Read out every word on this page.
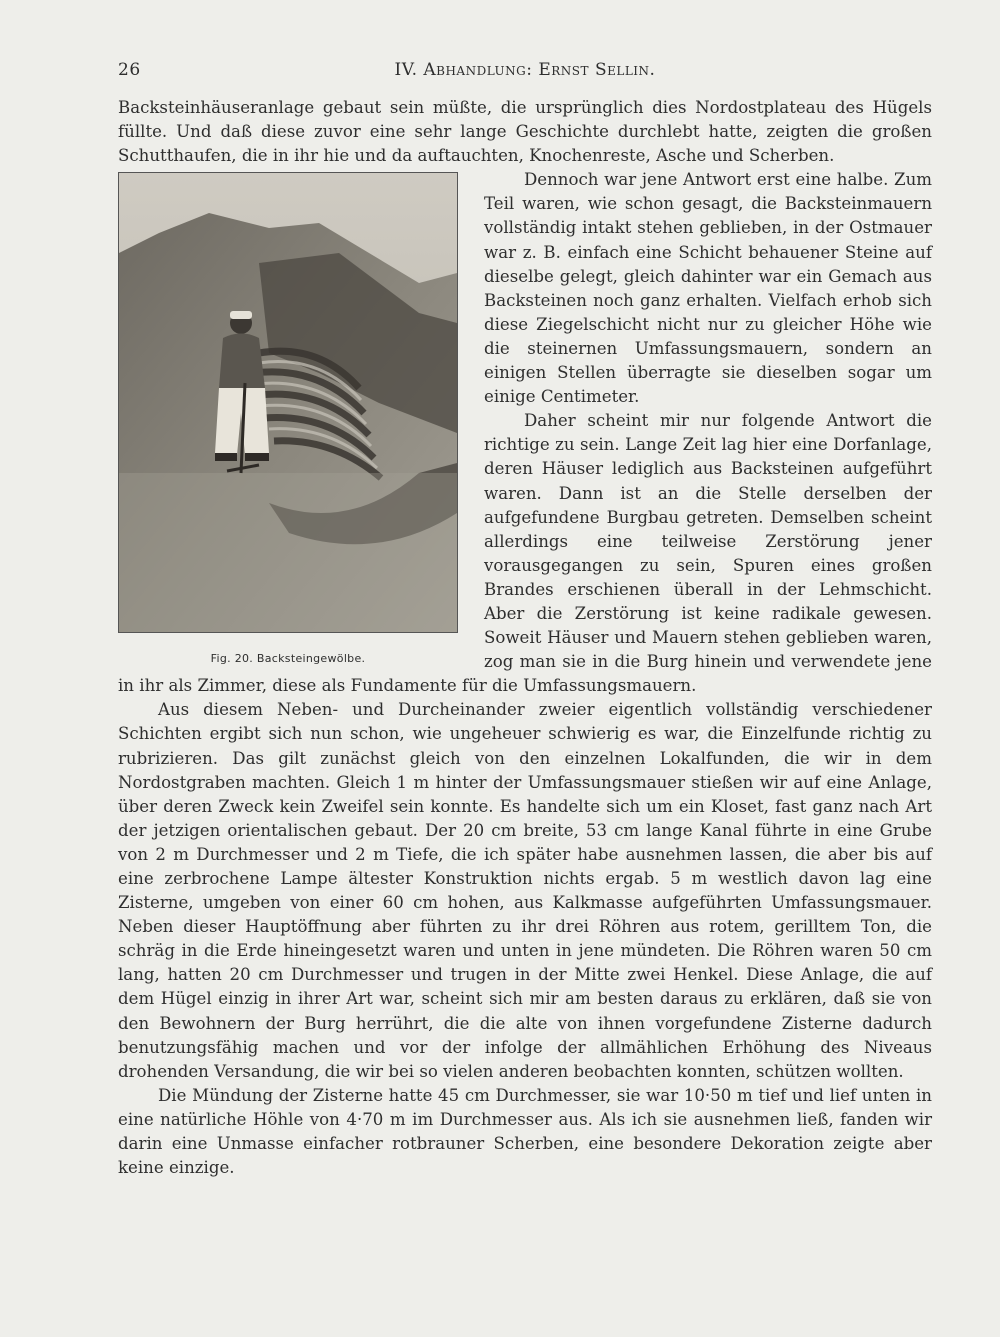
26	IV. Abhandlung: Ernst Sellin.

Backsteinhäuseranlage gebaut sein müßte, die ursprünglich dies Nordostplateau des Hügels füllte. Und daß diese zuvor eine sehr lange Geschichte durchlebt hatte, zeigten die großen Schutthaufen, die in ihr hie und da auftauchten, Knochenreste, Asche und Scherben.

Fig. 20. Backsteingewölbe.

Dennoch war jene Antwort erst eine halbe. Zum Teil waren, wie schon gesagt, die Backsteinmauern vollständig intakt stehen geblieben, in der Ostmauer war z. B. einfach eine Schicht behauener Steine auf dieselbe gelegt, gleich dahinter war ein Gemach aus Backsteinen noch ganz erhalten. Vielfach erhob sich diese Ziegelschicht nicht nur zu gleicher Höhe wie die steinernen Umfassungsmauern, sondern an einigen Stellen überragte sie dieselben sogar um einige Centimeter.

Daher scheint mir nur folgende Antwort die richtige zu sein. Lange Zeit lag hier eine Dorfanlage, deren Häuser lediglich aus Backsteinen aufgeführt waren. Dann ist an die Stelle derselben der aufgefundene Burgbau getreten. Demselben scheint allerdings eine teilweise Zerstörung jener vorausgegangen zu sein, Spuren eines großen Brandes erschienen überall in der Lehmschicht. Aber die Zerstörung ist keine radikale gewesen. Soweit Häuser und Mauern stehen geblieben waren, zog man sie in die Burg hinein und verwendete jene in ihr als Zimmer, diese als Fundamente für die Umfassungsmauern.

Aus diesem Neben- und Durcheinander zweier eigentlich vollständig verschiedener Schichten ergibt sich nun schon, wie ungeheuer schwierig es war, die Einzelfunde richtig zu rubrizieren. Das gilt zunächst gleich von den einzelnen Lokalfunden, die wir in dem Nordostgraben machten. Gleich 1 m hinter der Umfassungsmauer stießen wir auf eine Anlage, über deren Zweck kein Zweifel sein konnte. Es handelte sich um ein Kloset, fast ganz nach Art der jetzigen orientalischen gebaut. Der 20 cm breite, 53 cm lange Kanal führte in eine Grube von 2 m Durchmesser und 2 m Tiefe, die ich später habe ausnehmen lassen, die aber bis auf eine zerbrochene Lampe ältester Konstruktion nichts ergab. 5 m westlich davon lag eine Zisterne, umgeben von einer 60 cm hohen, aus Kalkmasse aufgeführten Umfassungsmauer. Neben dieser Hauptöffnung aber führten zu ihr drei Röhren aus rotem, gerilltem Ton, die schräg in die Erde hineingesetzt waren und unten in jene mündeten. Die Röhren waren 50 cm lang, hatten 20 cm Durchmesser und trugen in der Mitte zwei Henkel. Diese Anlage, die auf dem Hügel einzig in ihrer Art war, scheint sich mir am besten daraus zu erklären, daß sie von den Bewohnern der Burg herrührt, die die alte von ihnen vorgefundene Zisterne dadurch benutzungsfähig machen und vor der infolge der allmählichen Erhöhung des Niveaus drohenden Versandung, die wir bei so vielen anderen beobachten konnten, schützen wollten.

Die Mündung der Zisterne hatte 45 cm Durchmesser, sie war 10·50 m tief und lief unten in eine natürliche Höhle von 4·70 m im Durchmesser aus. Als ich sie ausnehmen ließ, fanden wir darin eine Unmasse einfacher rotbrauner Scherben, eine besondere Dekoration zeigte aber keine einzige.
